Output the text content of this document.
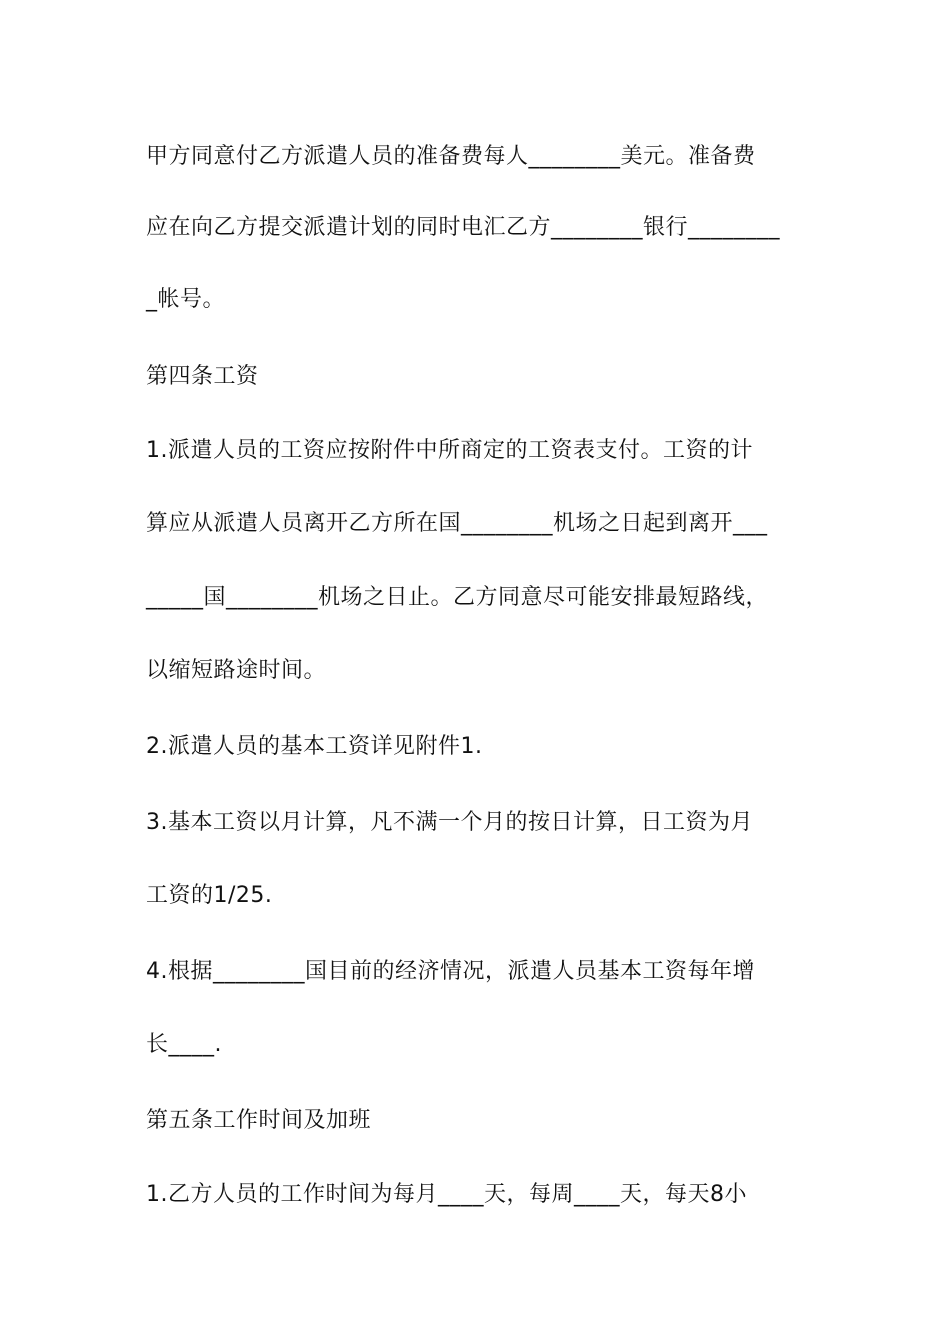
甲方同意付乙方派遣人员的准备费每人________美元。准备费
应在向乙方提交派遣计划的同时电汇乙方________银行________
_帐号。
第四条工资
1.派遣人员的工资应按附件中所商定的工资表支付。工资的计
算应从派遣人员离开乙方所在国________机场之日起到离开___
_____国________机场之日止。乙方同意尽可能安排最短路线，
以缩短路途时间。
2.派遣人员的基本工资详见附件1.
3.基本工资以月计算，凡不满一个月的按日计算，日工资为月
工资的1/25.
4.根据________国目前的经济情况，派遣人员基本工资每年增
长____.
第五条工作时间及加班
1.乙方人员的工作时间为每月____天，每周____天，每天8小
